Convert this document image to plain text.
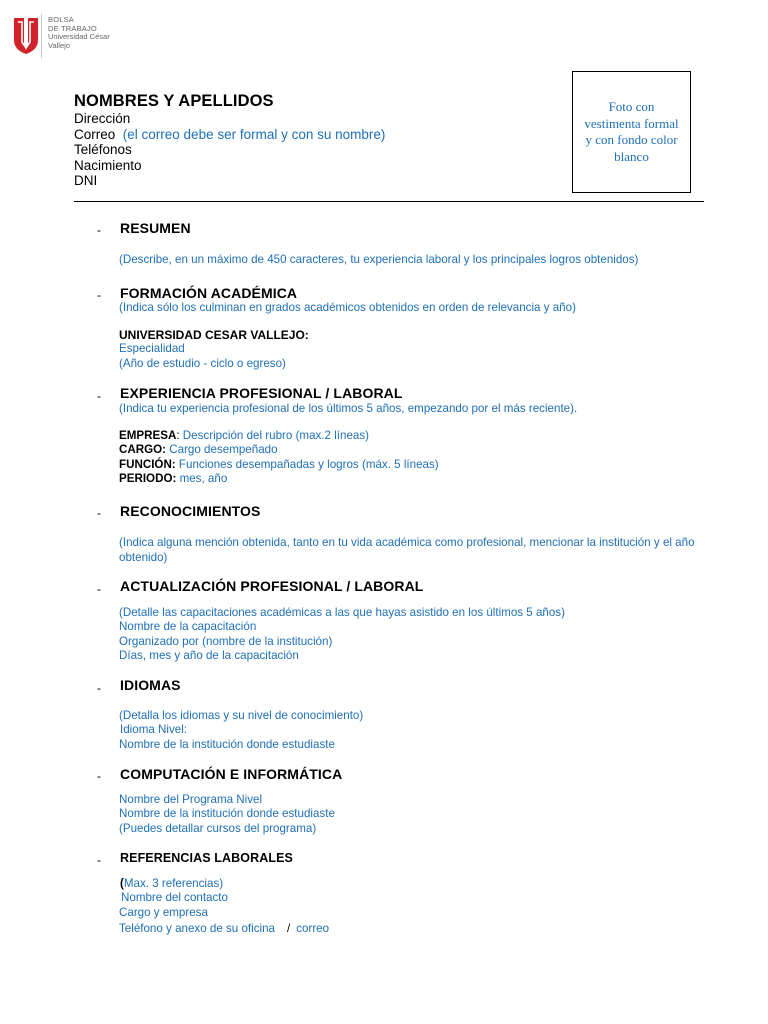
BOLSA
DE TRABAJO
Universidad César Vallejo
Foto con vestimenta formal y con fondo color blanco
NOMBRES Y APELLIDOS
Dirección
Correo (el correo debe ser formal y con su nombre)
Teléfonos
Nacimiento
DNI
- RESUMEN
(Describe, en un máximo de 450 caracteres, tu experiencia laboral y los principales logros obtenidos)
- FORMACIÓN ACADÉMICA
(Indica sólo los culminan en grados académicos obtenidos en orden de relevancia y año)
UNIVERSIDAD CESAR VALLEJO:
Especialidad
(Año de estudio - ciclo o egreso)
- EXPERIENCIA PROFESIONAL / LABORAL
(Indica tu experiencia profesional de los últimos 5 años, empezando por el más reciente).
EMPRESA: Descripción del rubro (max.2 líneas)
CARGO: Cargo desempeñado
FUNCIÓN: Funciones desempañadas y logros (máx. 5 líneas)
PERIODO: mes, año
- RECONOCIMIENTOS
(Indica alguna mención obtenida, tanto en tu vida académica como profesional, mencionar la institución y el año obtenido)
- ACTUALIZACIÓN PROFESIONAL / LABORAL
(Detalle las capacitaciones académicas a las que hayas asistido en los últimos 5 años)
Nombre de la capacitación
Organizado por (nombre de la institución)
Días, mes y año de la capacitación
- IDIOMAS
(Detalla los idiomas y su nivel de conocimiento)
Idioma Nivel:
Nombre de la institución donde estudiaste
- COMPUTACIÓN E INFORMÁTICA
Nombre del Programa Nivel
Nombre de la institución donde estudiaste
(Puedes detallar cursos del programa)
- REFERENCIAS LABORALES
(Max. 3 referencias)
Nombre del contacto
Cargo y empresa
Teléfono y anexo de su oficina / correo
